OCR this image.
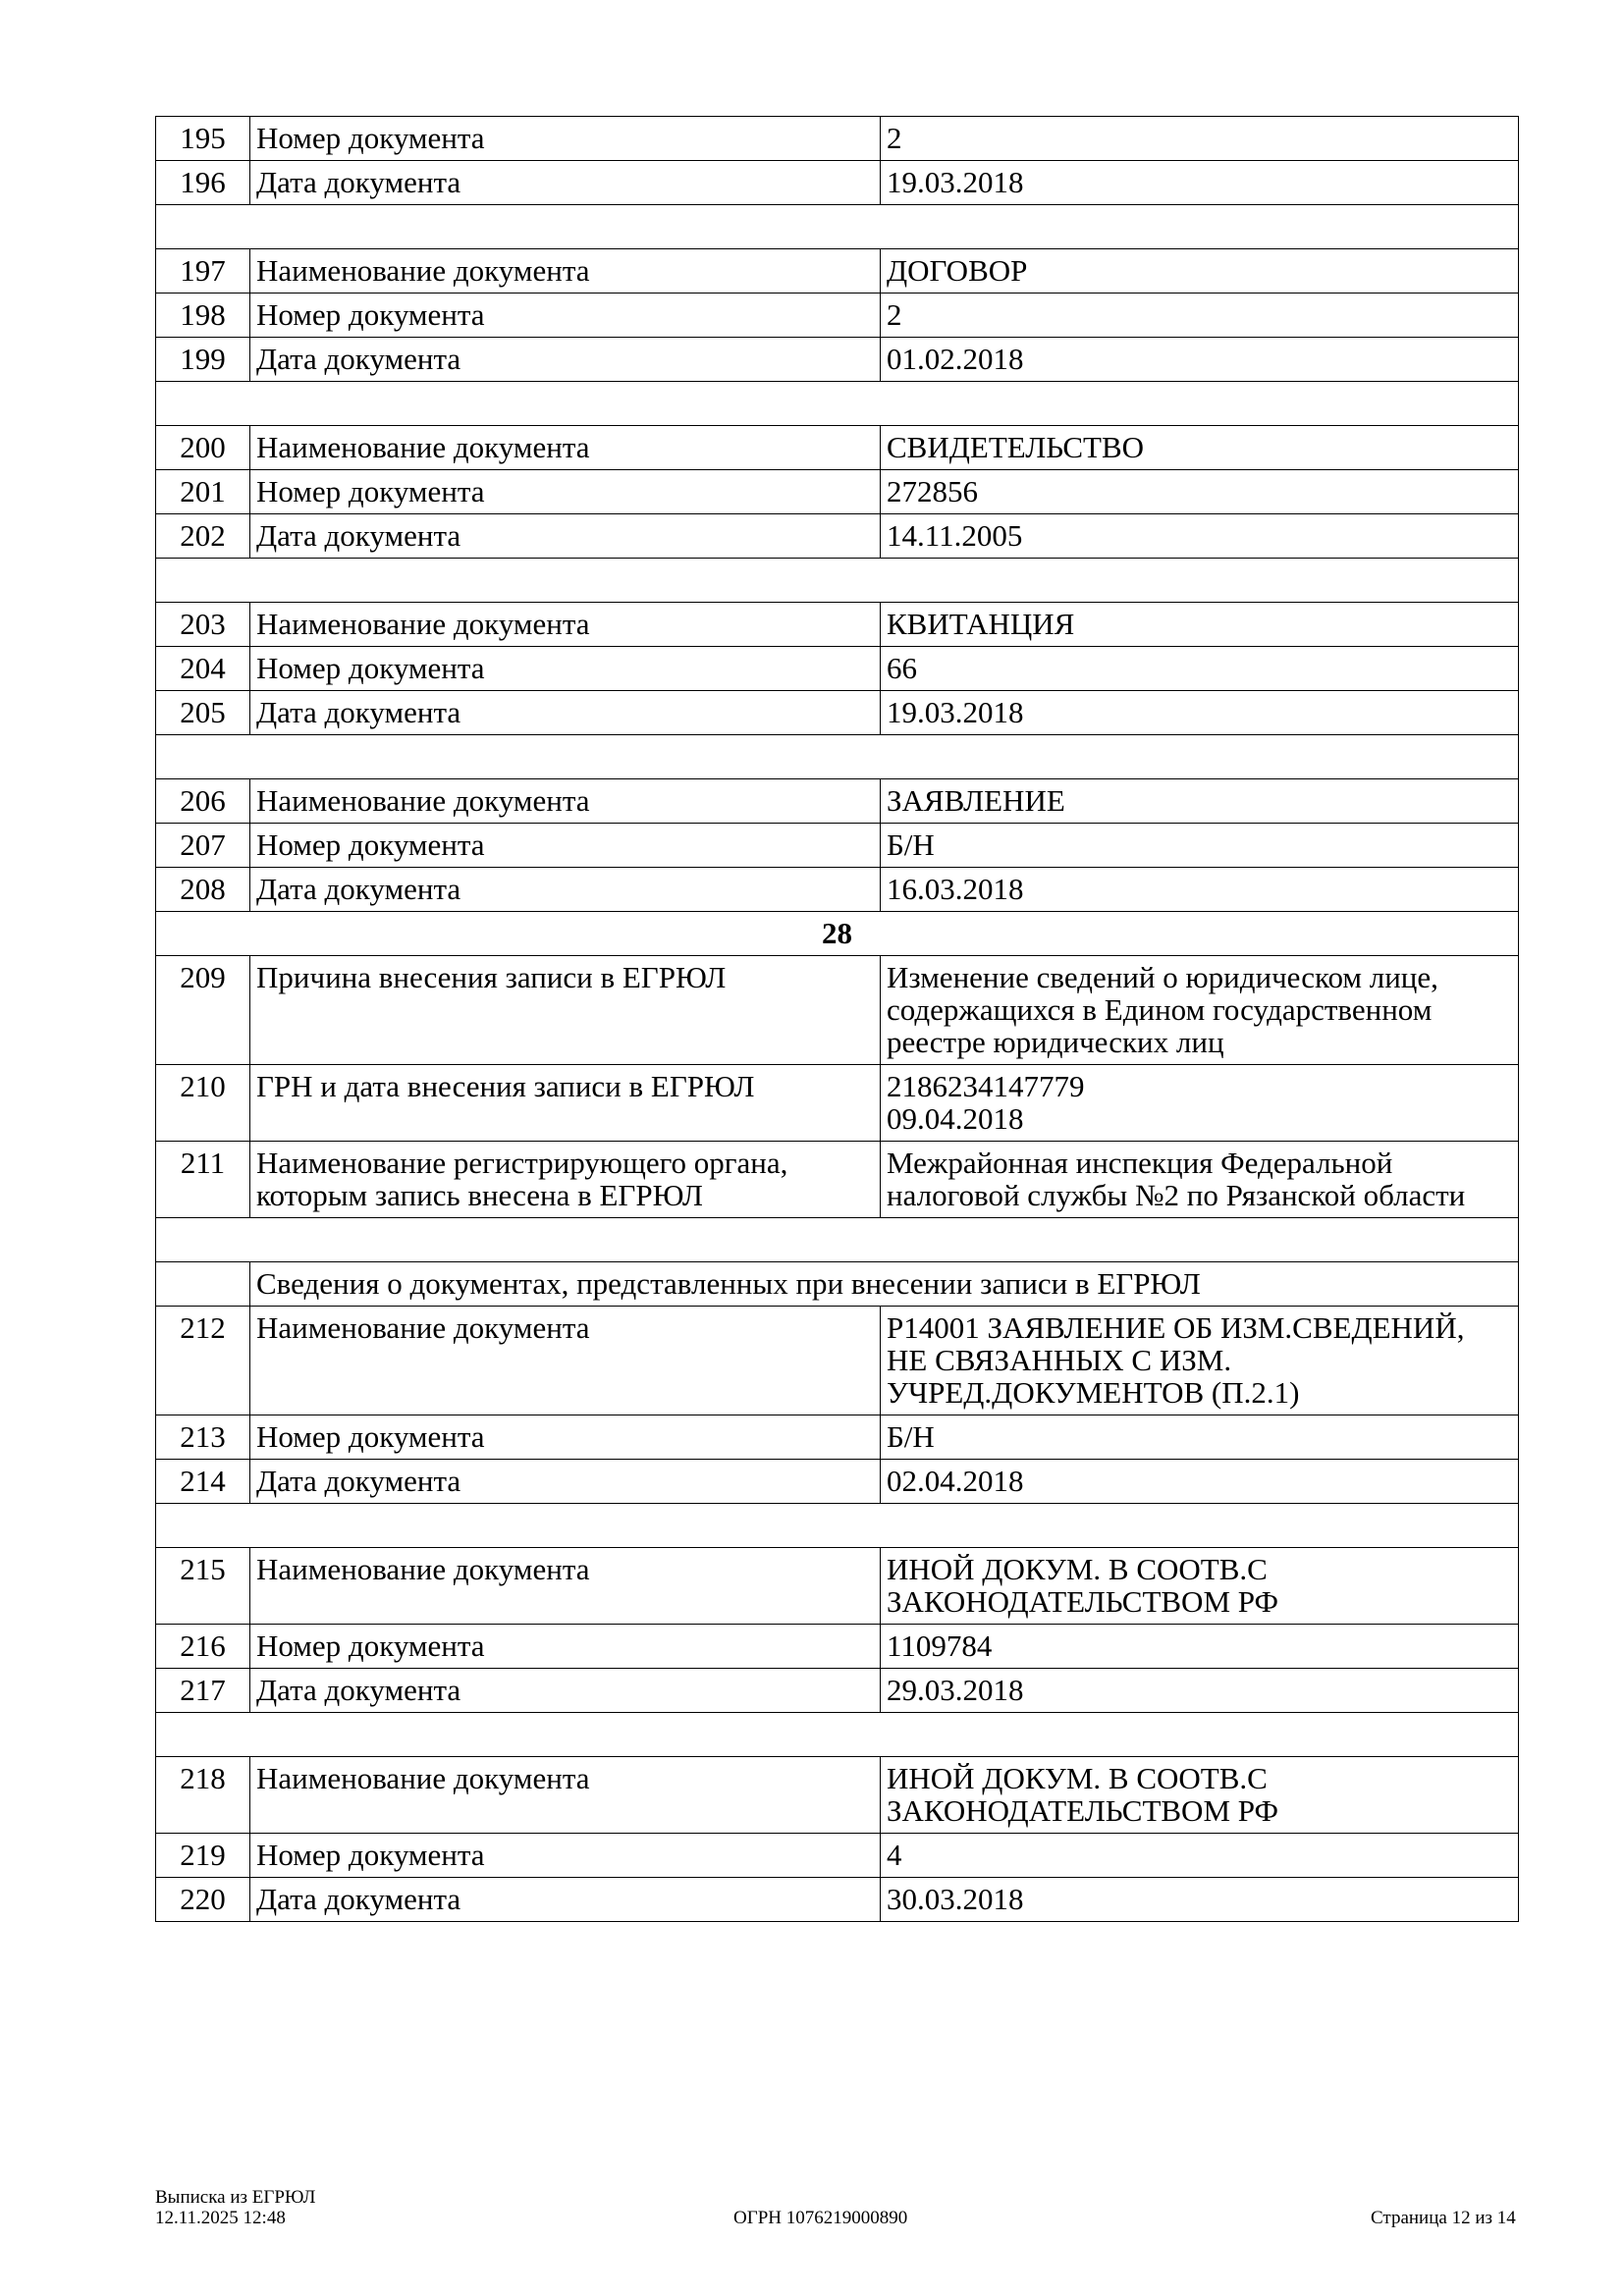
195	Номер документа	2
196	Дата документа	19.03.2018

197	Наименование документа	ДОГОВОР
198	Номер документа	2
199	Дата документа	01.02.2018

200	Наименование документа	СВИДЕТЕЛЬСТВО
201	Номер документа	272856
202	Дата документа	14.11.2005

203	Наименование документа	КВИТАНЦИЯ
204	Номер документа	66
205	Дата документа	19.03.2018

206	Наименование документа	ЗАЯВЛЕНИЕ
207	Номер документа	Б/Н
208	Дата документа	16.03.2018
28		
209	Причина внесения записи в ЕГРЮЛ	Изменение сведений о юридическом лице, содержащихся в Едином государственном реестре юридических лиц
210	ГРН и дата внесения записи в ЕГРЮЛ	2186234147779
09.04.2018
211	Наименование регистрирующего органа, которым запись внесена в ЕГРЮЛ	Межрайонная инспекция Федеральной налоговой службы №2 по Рязанской области

	Сведения о документах, представленных при внесении записи в ЕГРЮЛ	
212	Наименование документа	Р14001 ЗАЯВЛЕНИЕ ОБ ИЗМ.СВЕДЕНИЙ, НЕ СВЯЗАННЫХ С ИЗМ. УЧРЕД.ДОКУМЕНТОВ (П.2.1)
213	Номер документа	Б/Н
214	Дата документа	02.04.2018

215	Наименование документа	ИНОЙ ДОКУМ. В СООТВ.С ЗАКОНОДАТЕЛЬСТВОМ РФ
216	Номер документа	1109784
217	Дата документа	29.03.2018

218	Наименование документа	ИНОЙ ДОКУМ. В СООТВ.С ЗАКОНОДАТЕЛЬСТВОМ РФ
219	Номер документа	4
220	Дата документа	30.03.2018
Выписка из ЕГРЮЛ
12.11.2025 12:48	ОГРН 1076219000890	Страница 12 из 14
